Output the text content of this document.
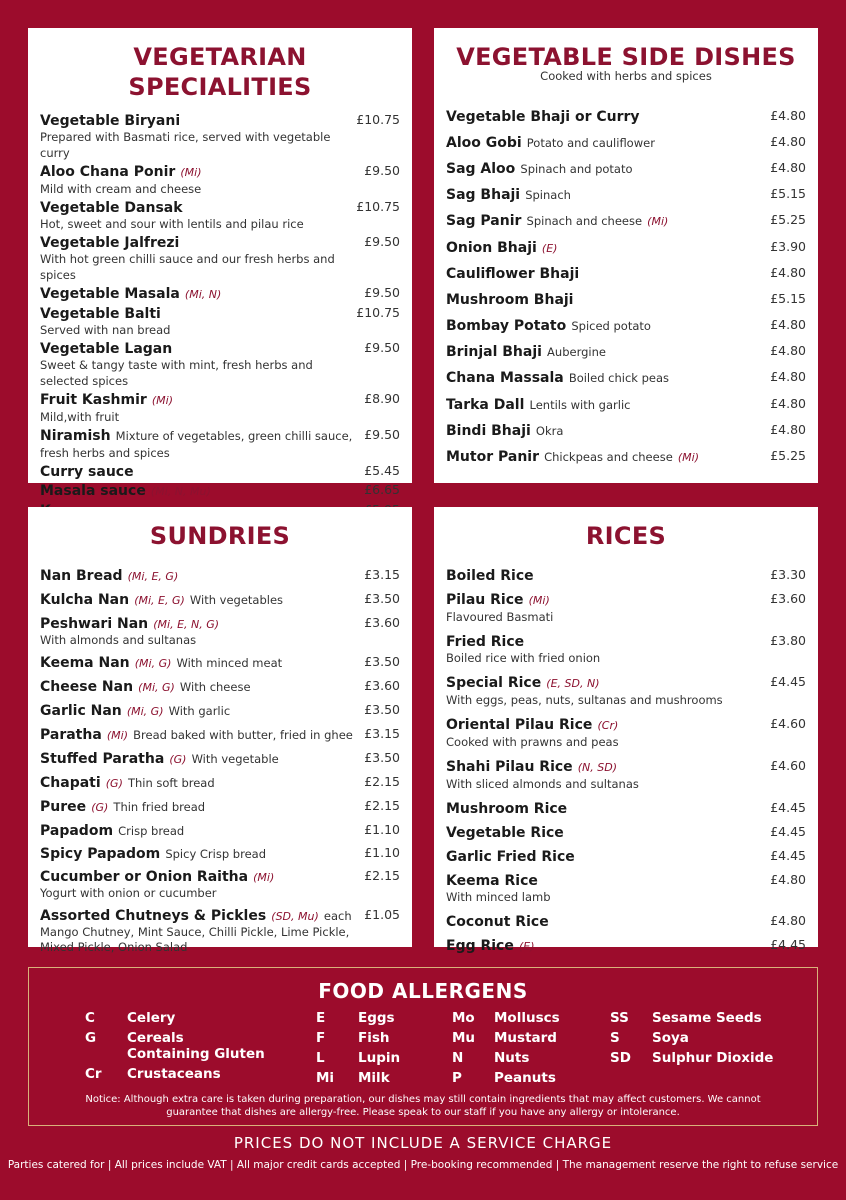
VEGETARIAN SPECIALITIES
Vegetable Biryani
Prepared with Basmati rice, served with vegetable curry
£10.75
Aloo Chana Ponir (Mi)
Mild with cream and cheese
£9.50
Vegetable Dansak
Hot, sweet and sour with lentils and pilau rice
£10.75
Vegetable Jalfrezi
With hot green chilli sauce and our fresh herbs and spices
£9.50
Vegetable Masala (Mi, N)	£9.50
Vegetable Balti
Served with nan bread
£10.75
Vegetable Lagan
Sweet & tangy taste with mint, fresh herbs and selected spices
£9.50
Fruit Kashmir (Mi)
Mild,with fruit
£8.90
Niramish Mixture of vegetables, green chilli sauce, fresh herbs and spices
£9.50
Curry sauce	£5.45
Masala sauce (Mi, N, Mu)	£6.65
VEGETABLE SIDE DISHES
Cooked with herbs and spices
Vegetable Bhaji or Curry	£4.80
Aloo Gobi Potato and cauliflower	£4.80
Sag Aloo Spinach and potato	£4.80
Sag Bhaji Spinach	£5.15
Sag Panir Spinach and cheese (Mi)	£5.25
Onion Bhaji (E)	£3.90
Cauliflower Bhaji	£4.80
Mushroom Bhaji	£5.15
Bombay Potato Spiced potato	£4.80
Brinjal Bhaji Aubergine	£4.80
Chana Massala Boiled chick peas	£4.80
Tarka Dall Lentils with garlic	£4.80
Bindi Bhaji Okra	£4.80
Mutor Panir Chickpeas and cheese (Mi)	£5.25
SUNDRIES
Nan Bread (Mi, E, G)	£3.15
Kulcha Nan (Mi, E, G) With vegetables	£3.50
Peshwari Nan (Mi, E, N, G)
With almonds and sultanas
£3.60
Keema Nan (Mi, G) With minced meat	£3.50
Cheese Nan (Mi, G) With cheese	£3.60
Garlic Nan (Mi, G) With garlic	£3.50
Paratha (Mi) Bread baked with butter, fried in ghee £3.15
Stuffed Paratha (G) With vegetable	£3.50
Chapati (G) Thin soft bread	£2.15
Puree (G) Thin fried bread	£2.15
Papadom Crisp bread	£1.10
Spicy Papadom Spicy Crisp bread	£1.10
Cucumber or Onion Raitha (Mi)
Yogurt with onion or cucumber
£2.15
Assorted Chutneys & Pickles (SD, Mu) each
Mango Chutney, Mint Sauce, Chilli Pickle, Lime Pickle, Mixed Pickle, Onion Salad
£1.05
RICES
Boiled Rice	£3.30
Pilau Rice (Mi)
Flavoured Basmati
£3.60
Fried Rice
Boiled rice with fried onion
£3.80
Special Rice (E, SD, N)
With eggs, peas, nuts, sultanas and mushrooms
£4.45
Oriental Pilau Rice (Cr)
Cooked with prawns and peas
£4.60
Shahi Pilau Rice (N, SD)
With sliced almonds and sultanas
£4.60
Mushroom Rice	£4.45
Vegetable Rice	£4.45
Garlic Fried Rice	£4.45
Keema Rice
With minced lamb
£4.80
Coconut Rice	£4.80
Egg Rice (E)	£4.45
FOOD ALLERGENS
C	Celery
G	Cereals Containing Gluten
Cr	Crustaceans
E	Eggs
F	Fish
L	Lupin
Mi	Milk
Mo	Molluscs
Mu	Mustard
N	Nuts
P	Peanuts
SS	Sesame Seeds
S	Soya
SD	Sulphur Dioxide
Notice: Although extra care is taken during preparation, our dishes may still contain ingredients that may affect customers. We cannot guarantee that dishes are allergy-free. Please speak to our staff if you have any allergy or intolerance.
PRICES DO NOT INCLUDE A SERVICE CHARGE
Parties catered for | All prices include VAT | All major credit cards accepted | Pre-booking recommended | The management reserve the right to refuse service
